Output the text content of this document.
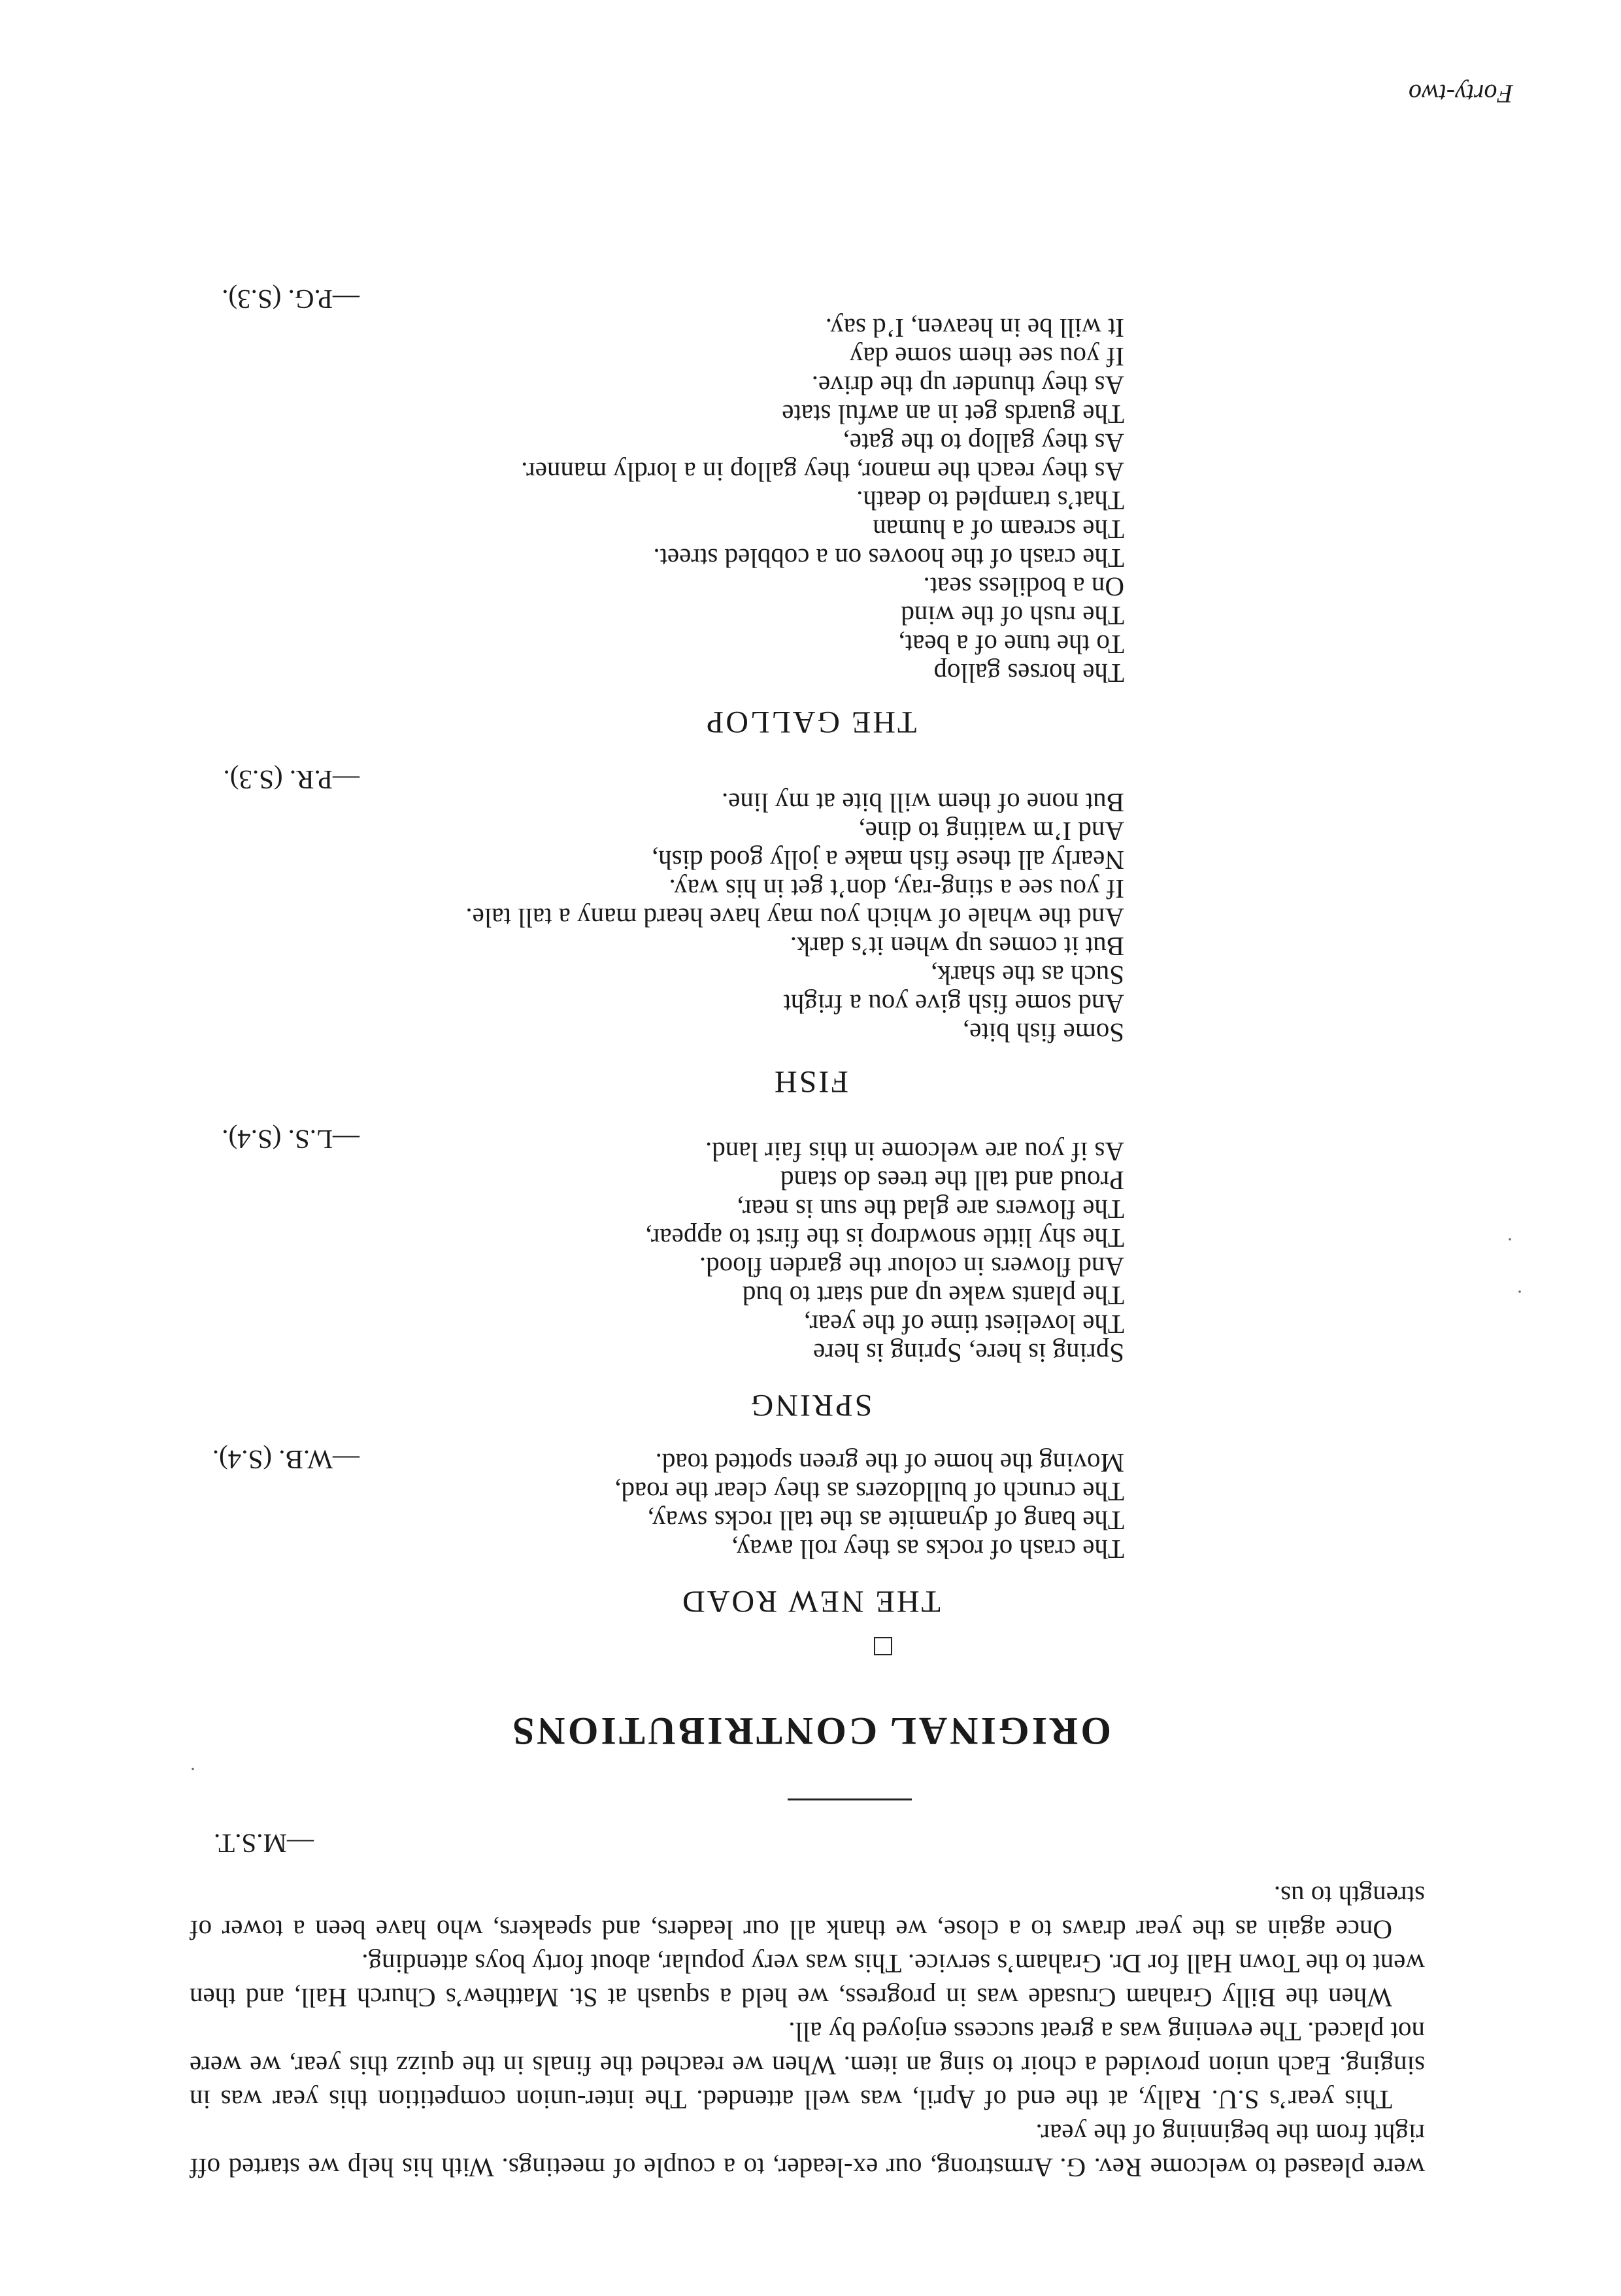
were pleased to welcome Rev. G. Armstrong, our ex-leader, to a couple of meetings. With his help we started off right from the beginning of the year.

This year’s S.U. Rally, at the end of April, was well attended. The inter-union competition this year was in singing. Each union provided a choir to sing an item. When we reached the finals in the quizz this year, we were not placed. The evening was a great success enjoyed by all.

When the Billy Graham Crusade was in progress, we held a squash at St. Matthew’s Church Hall, and then went to the Town Hall for Dr. Graham’s service. This was very popular, about forty boys attending.

Once again as the year draws to a close, we thank all our leaders, and speakers, who have been a tower of strength to us.

—M.S.T.
ORIGINAL CONTRIBUTIONS
THE NEW ROAD
The crash of rocks as they roll away,
The bang of dynamite as the tall rocks sway,
The crunch of bulldozers as they clear the road,
Moving the home of the green spotted toad.
—W.B. (S.4).
SPRING
Spring is here, Spring is here
The loveliest time of the year,
The plants wake up and start to bud
And flowers in colour the garden flood.
The shy little snowdrop is the first to appear,
The flowers are glad the sun is near,
Proud and tall the trees do stand
As if you are welcome in this fair land.
—L.S. (S.4).
FISH
Some fish bite,
And some fish give you a fright
Such as the shark,
But it comes up when it’s dark.
And the whale of which you may have heard many a tall tale.
If you see a sting-ray, don’t get in his way.
Nearly all these fish make a jolly good dish,
And I’m waiting to dine,
But none of them will bite at my line.
—P.R. (S.3).
THE GALLOP
The horses gallop
To the tune of a beat,
The rush of the wind
On a bodiless seat.
The crash of the hooves on a cobbled street.
The scream of a human
That’s trampled to death.
As they reach the manor, they gallop in a lordly manner.
As they gallop to the gate,
The guards get in an awful state
As they thunder up the drive.
If you see them some day
It will be in heaven, I’d say.
—P.G. (S.3).
·
·
·
Forty-two
